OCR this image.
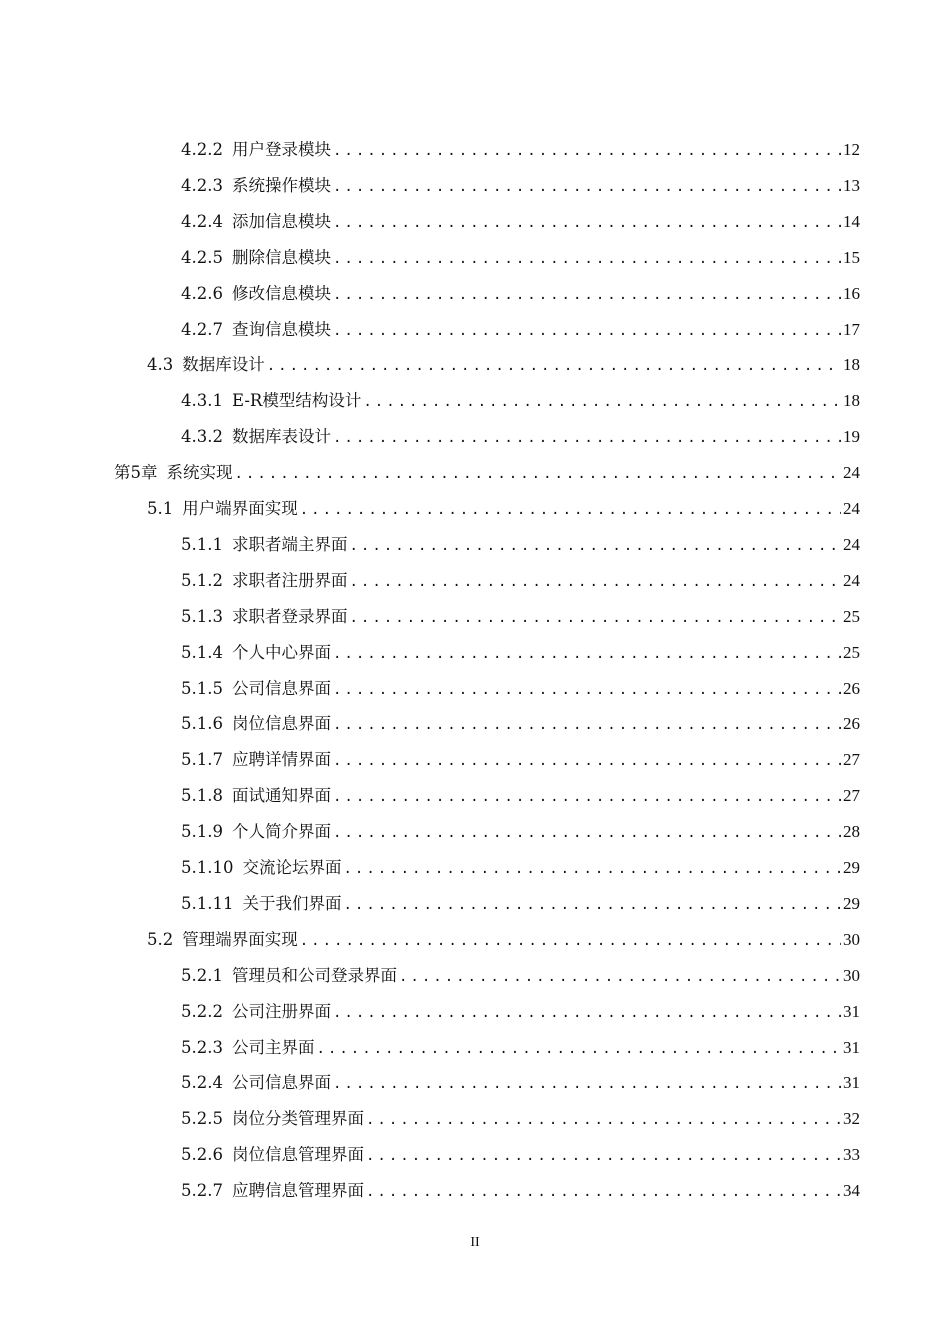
4.2.2 用户登录模块 .....	12
4.2.3 系统操作模块 .....	13
4.2.4 添加信息模块 .....	14
4.2.5 删除信息模块 .....	15
4.2.6 修改信息模块 .....	16
4.2.7 查询信息模块 .....	17
4.3 数据库设计 .....	18
4.3.1 E-R模型结构设计 .....	18
4.3.2 数据库表设计 .....	19
第5章 系统实现 .....	24
5.1 用户端界面实现 .....	24
5.1.1 求职者端主界面 .....	24
5.1.2 求职者注册界面 .....	24
5.1.3 求职者登录界面 .....	25
5.1.4 个人中心界面 .....	25
5.1.5 公司信息界面 .....	26
5.1.6 岗位信息界面 .....	26
5.1.7 应聘详情界面 .....	27
5.1.8 面试通知界面 .....	27
5.1.9 个人简介界面 .....	28
5.1.10 交流论坛界面 .....	29
5.1.11 关于我们界面 .....	29
5.2 管理端界面实现 .....	30
5.2.1 管理员和公司登录界面 .....	30
5.2.2 公司注册界面 .....	31
5.2.3 公司主界面 .....	31
5.2.4 公司信息界面 .....	31
5.2.5 岗位分类管理界面 .....	32
5.2.6 岗位信息管理界面 .....	33
5.2.7 应聘信息管理界面 .....	34
II
